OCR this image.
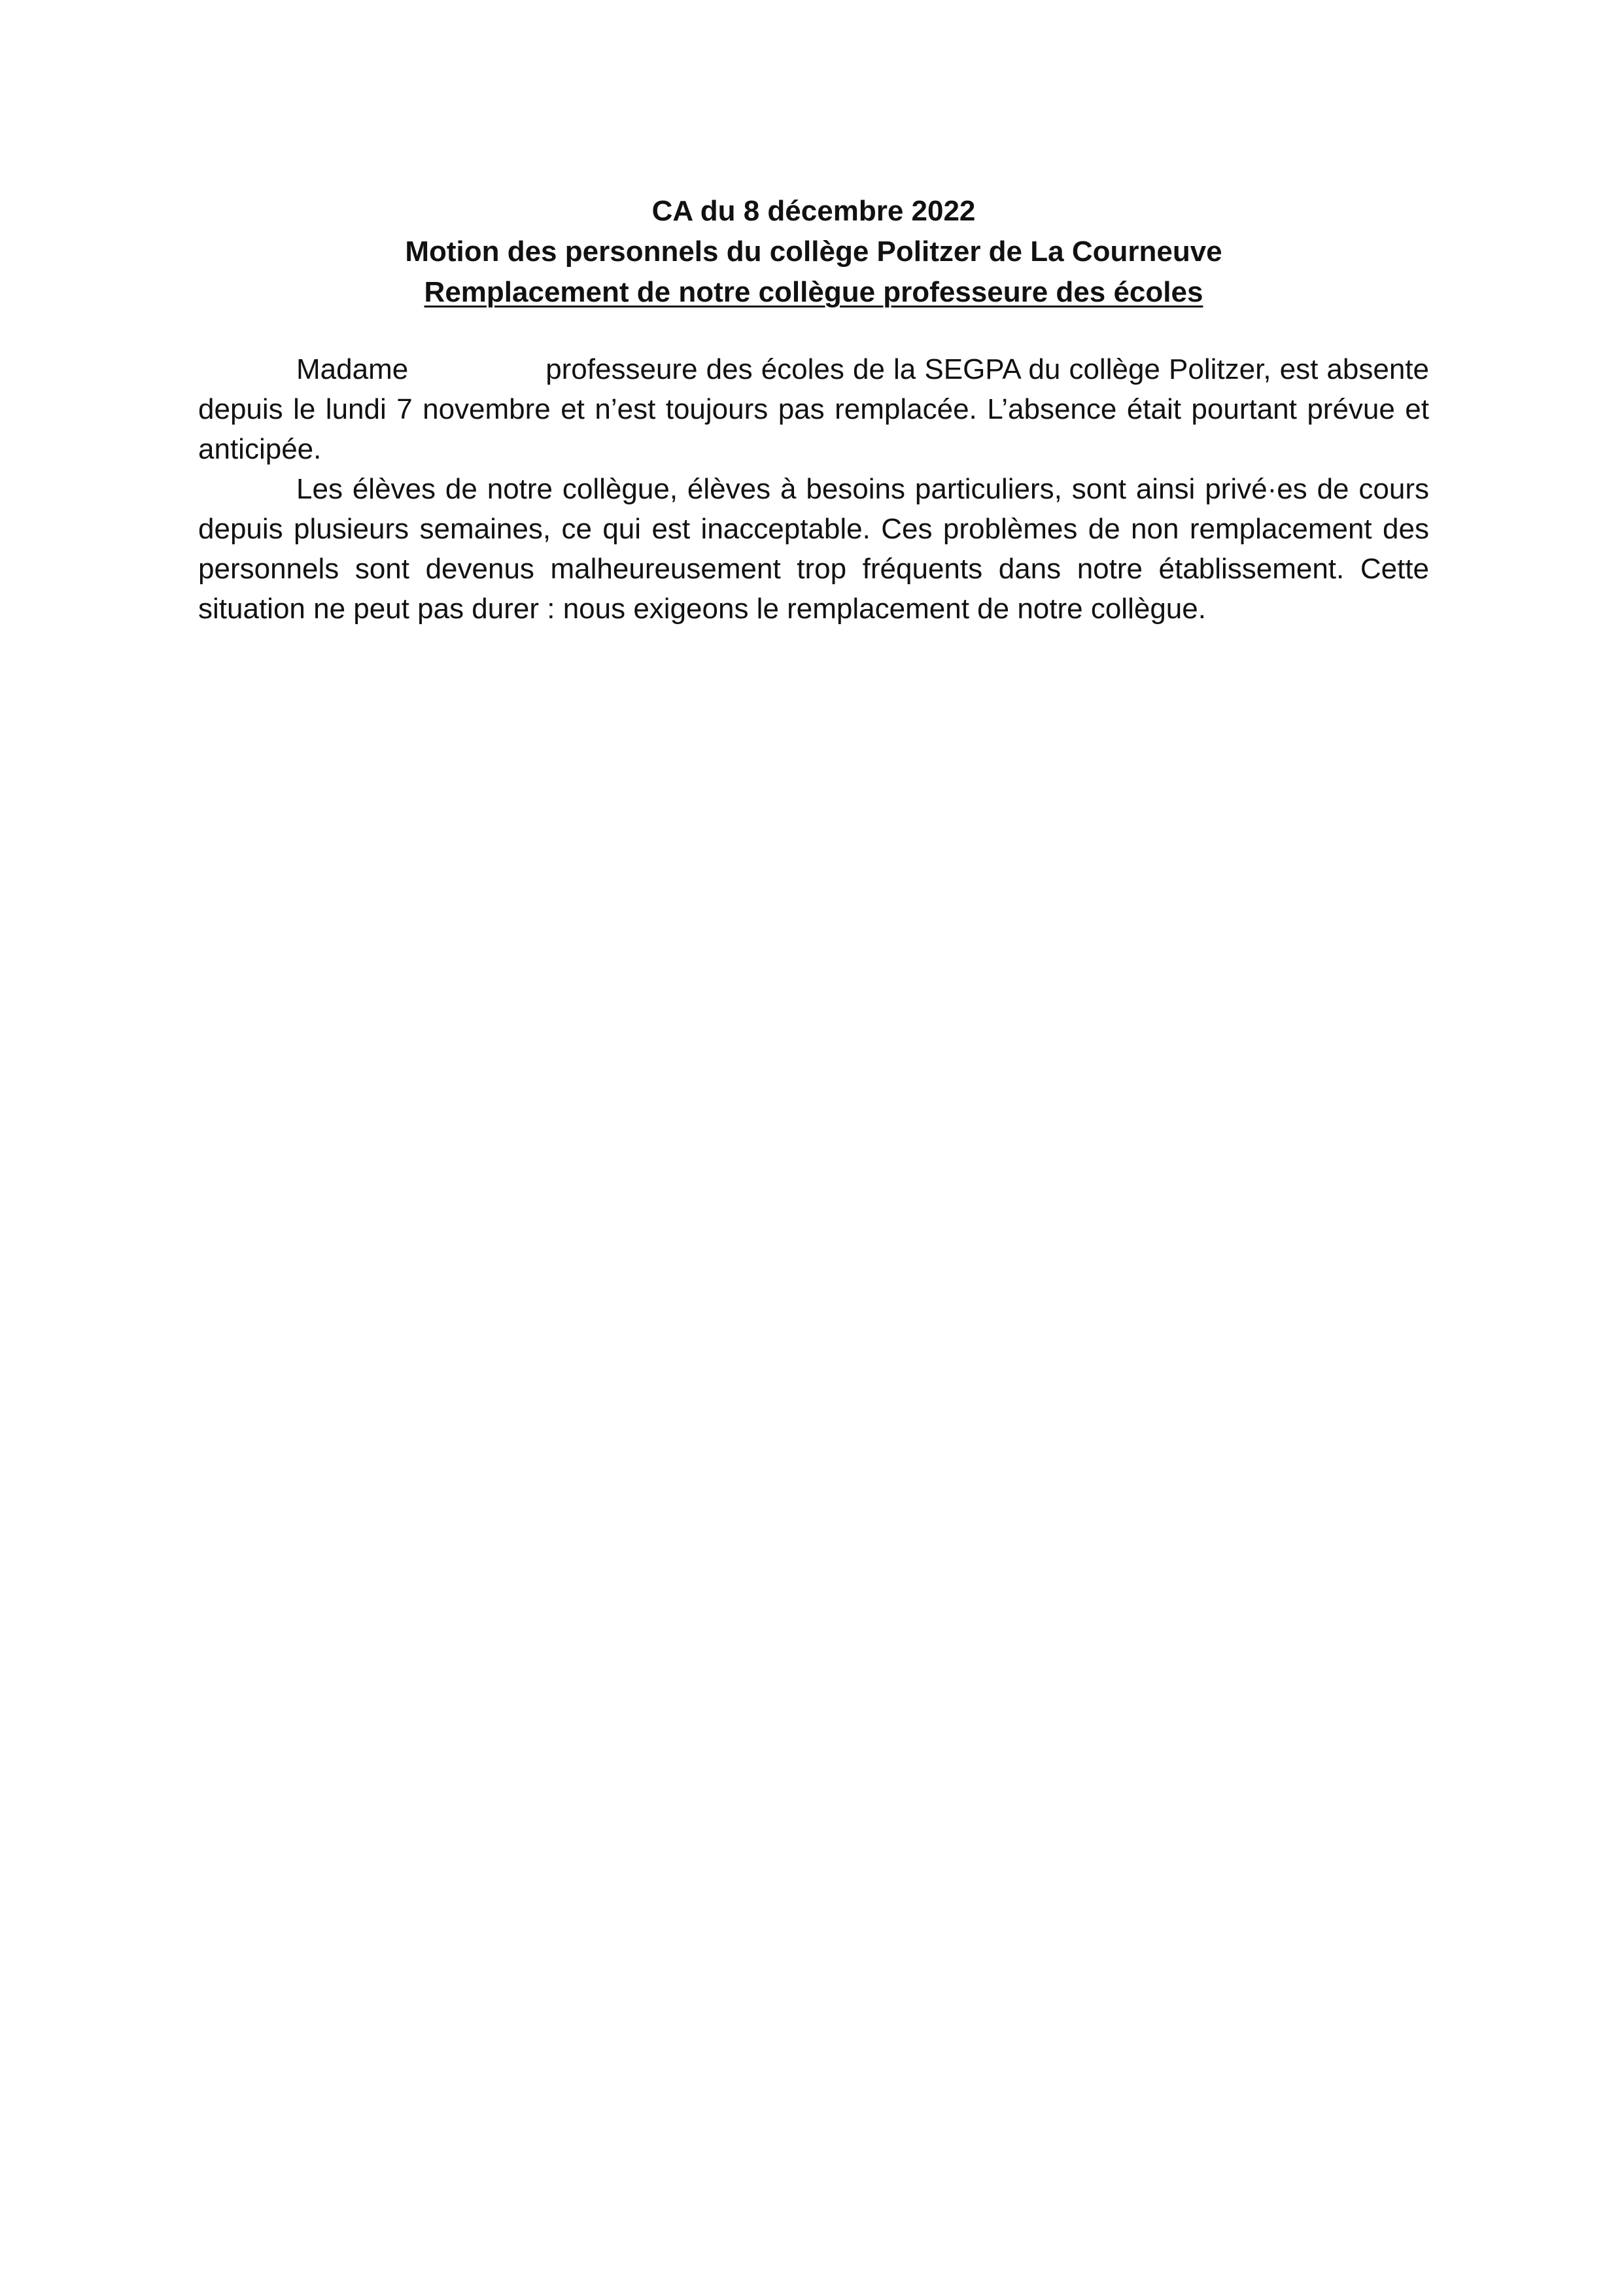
CA du 8 décembre 2022
Motion des personnels du collège Politzer de La Courneuve
Remplacement de notre collègue professeure des écoles

Madame	professeure des écoles de la SEGPA du collège Politzer, est absente depuis le lundi 7 novembre et n’est toujours pas remplacée. L’absence était pourtant prévue et anticipée.

Les élèves de notre collègue, élèves à besoins particuliers, sont ainsi privé·es de cours depuis plusieurs semaines, ce qui est inacceptable. Ces problèmes de non remplacement des personnels sont devenus malheureusement trop fréquents dans notre établissement. Cette situation ne peut pas durer : nous exigeons le remplacement de notre collègue.
